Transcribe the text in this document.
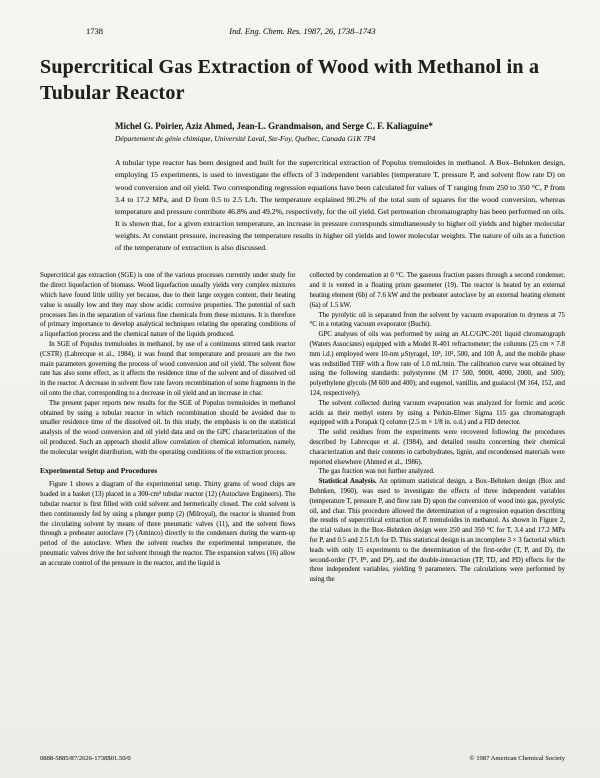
1738	Ind. Eng. Chem. Res. 1987, 26, 1738–1743
Supercritical Gas Extraction of Wood with Methanol in a Tubular Reactor
Michel G. Poirier, Aziz Ahmed, Jean-L. Grandmaison, and Serge C. F. Kaliaguine*
Département de génie chimique, Université Laval, Ste-Foy, Québec, Canada G1K 7P4

A tubular type reactor has been designed and built for the supercritical extraction of Populus tremuloides in methanol. A Box–Behnken design, employing 15 experiments, is used to investigate the effects of 3 independent variables (temperature T, pressure P, and solvent flow rate D) on wood conversion and oil yield. Two corresponding regression equations have been calculated for values of T ranging from 250 to 350 °C, P from 3.4 to 17.2 MPa, and D from 0.5 to 2.5 L/h. The temperature explained 90.2% of the total sum of squares for the wood conversion, whereas temperature and pressure contribute 46.8% and 49.2%, respectively, for the oil yield. Gel permeation chromatography has been performed on oils. It is shown that, for a given extraction temperature, an increase in pressure corresponds simultaneously to higher oil yields and higher molecular weights. At constant pressure, increasing the temperature results in higher oil yields and lower molecular weights. The nature of oils as a function of the temperature of extraction is also discussed.

Supercritical gas extraction (SGE) is one of the various processes currently under study for the direct liquefaction of biomass. Wood liquefaction usually yields very complex mixtures which have found little utility yet because, due to their large oxygen content, their heating value is usually low and they may show acidic corrosive properties. The potential of such processes lies in the separation of various fine chemicals from these mixtures. It is therefore of primary importance to develop analytical techniques relating the operating conditions of a liquefaction process and the chemical nature of the liquids produced.

In SGE of Populus tremuloides in methanol, by use of a continuous stirred tank reactor (CSTR) (Labrecque et al., 1984), it was found that temperature and pressure are the two main parameters governing the process of wood conversion and oil yield. The solvent flow rate has also some effect, as it affects the residence time of the solvent and of dissolved oil in the reactor. A decrease in solvent flow rate favors recombination of some fragments in the oil onto the char, corresponding to a decrease in oil yield and an increase in char.

The present paper reports new results for the SGE of Populus tremuloides in methanol obtained by using a tubular reactor in which recombination should be avoided due to smaller residence time of the dissolved oil. In this study, the emphasis is on the statistical analysis of the wood conversion and oil yield data and on the GPC characterization of the oil produced. Such an approach should allow correlation of chemical information, namely, the molecular weight distribution, with the operating conditions of the extraction process.

Experimental Setup and Procedures

Figure 1 shows a diagram of the experimental setup. Thirty grams of wood chips are loaded in a basket (13) placed in a 300-cm³ tubular reactor (12) (Autoclave Engineers). The tubular reactor is first filled with cold solvent and hermetically closed. The cold solvent is then continuously fed by using a plunger pump (2) (Milroyal), the reactor is shunted from the circulating solvent by means of three pneumatic valves (11), and the solvent flows through a preheater autoclave (7) (Aminco) directly to the condensers during the warm-up period of the autoclave. When the solvent reaches the experimental temperature, the pneumatic valves drive the hot solvent through the reactor. The expansion valves (16) allow an accurate control of the pressure in the reactor, and the liquid is

collected by condensation at 0 °C. The gaseous fraction passes through a second condenser, and it is vented in a floating prism gasometer (19). The reactor is heated by an external heating element (6b) of 7.6 kW and the preheater autoclave by an external heating element (6a) of 1.5 kW.

The pyrolytic oil is separated from the solvent by vacuum evaporation to dryness at 75 °C in a rotating vacuum evaporator (Buchi).

GPC analyses of oils was performed by using an ALC/GPC-201 liquid chromatograph (Waters Associates) equipped with a Model R-401 refractometer; the columns (25 cm × 7.8 mm i.d.) employed were 10-nm μStyragel, 10³, 10², 500, and 100 Å, and the mobile phase was redistilled THF with a flow rate of 1.0 mL/min. The calibration curve was obtained by using the following standards: polystyrene (M 17 500, 9000, 4000, 2000, and 500); polyethylene glycols (M 600 and 400); and eugenol, vanillin, and guaiacol (M 164, 152, and 124, respectively).

The solvent collected during vacuum evaporation was analyzed for formic and acetic acids as their methyl esters by using a Perkin-Elmer Sigma 115 gas chromatograph equipped with a Porapak Q column (2.5 m × 1/8 in. o.d.) and a FID detector.

The solid residues from the experiments were recovered following the procedures described by Labrecque et al. (1984), and detailed results concerning their chemical characterization and their contents in carbohydrates, lignin, and recondensed materials were reported elsewhere (Ahmed et al., 1986).

The gas fraction was not further analyzed.

Statistical Analysis. An optimum statistical design, a Box–Behnken design (Box and Behnken, 1960), was used to investigate the effects of three independent variables (temperature T, pressure P, and flow rate D) upon the conversion of wood into gas, pyrolytic oil, and char. This procedure allowed the determination of a regression equation describing the results of supercritical extraction of P. tremuloides in methanol. As shown in Figure 2, the trial values in the Box–Behnken design were 250 and 350 °C for T, 3.4 and 17.2 MPa for P, and 0.5 and 2.5 L/h for D. This statistical design is an incomplete 3 × 3 factorial which leads with only 15 experiments to the determination of the first-order (T, P, and D), the second-order (T², P², and D²), and the double-interaction (TP, TD, and PD) effects for the three independent variables, yielding 9 parameters. The calculations were performed by using the

0888-5885/87/2626-1738$01.50/0	© 1987 American Chemical Society
